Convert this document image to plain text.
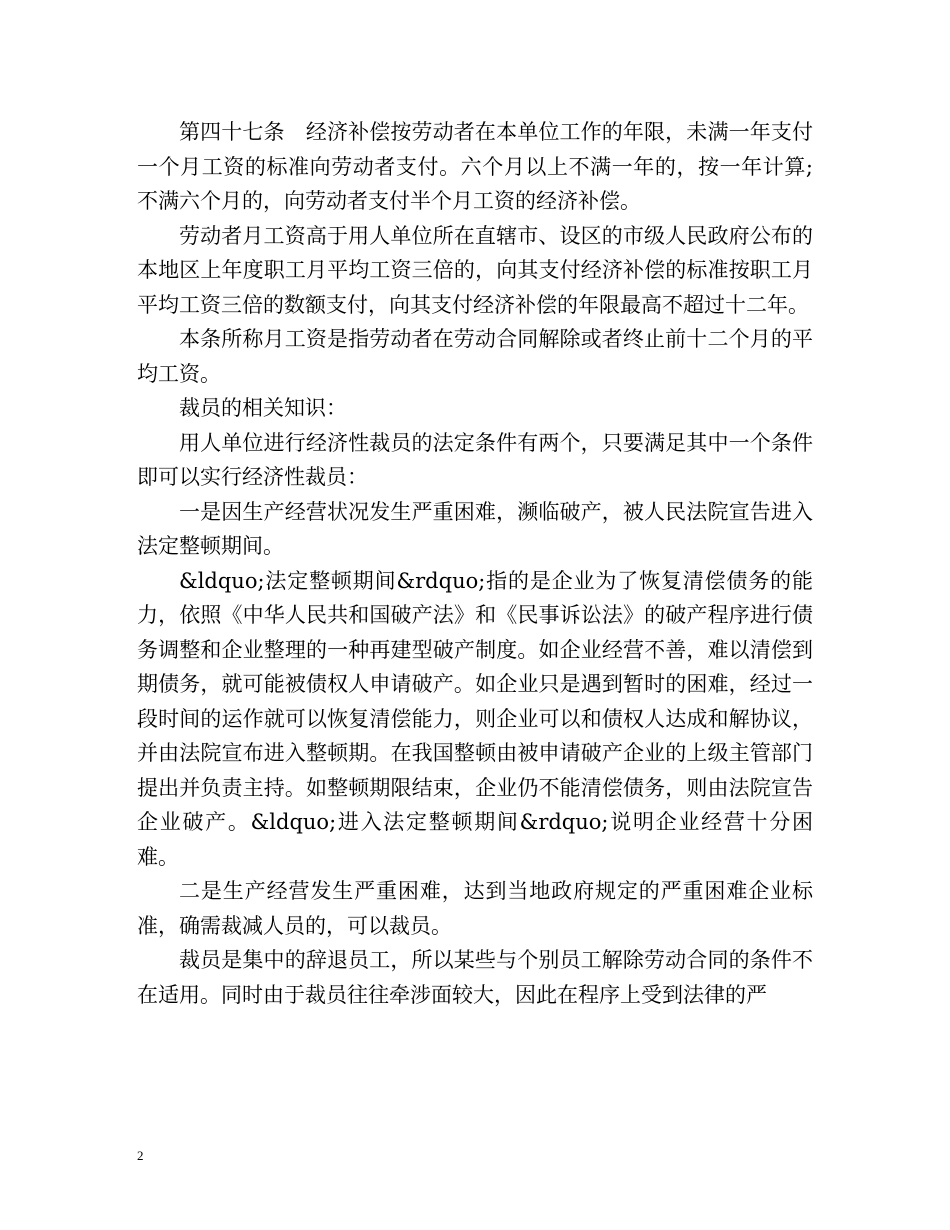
第四十七条　经济补偿按劳动者在本单位工作的年限，未满一年支付一个月工资的标准向劳动者支付。六个月以上不满一年的，按一年计算;不满六个月的，向劳动者支付半个月工资的经济补偿。

劳动者月工资高于用人单位所在直辖市、设区的市级人民政府公布的本地区上年度职工月平均工资三倍的，向其支付经济补偿的标准按职工月平均工资三倍的数额支付，向其支付经济补偿的年限最高不超过十二年。

本条所称月工资是指劳动者在劳动合同解除或者终止前十二个月的平均工资。

裁员的相关知识：

用人单位进行经济性裁员的法定条件有两个，只要满足其中一个条件即可以实行经济性裁员：

一是因生产经营状况发生严重困难，濒临破产，被人民法院宣告进入法定整顿期间。

&ldquo;法定整顿期间&rdquo;指的是企业为了恢复清偿债务的能力，依照《中华人民共和国破产法》和《民事诉讼法》的破产程序进行债务调整和企业整理的一种再建型破产制度。如企业经营不善，难以清偿到期债务，就可能被债权人申请破产。如企业只是遇到暂时的困难，经过一段时间的运作就可以恢复清偿能力，则企业可以和债权人达成和解协议，并由法院宣布进入整顿期。在我国整顿由被申请破产企业的上级主管部门提出并负责主持。如整顿期限结束，企业仍不能清偿债务，则由法院宣告企业破产。&ldquo;进入法定整顿期间&rdquo;说明企业经营十分困难。

二是生产经营发生严重困难，达到当地政府规定的严重困难企业标准，确需裁减人员的，可以裁员。

裁员是集中的辞退员工，所以某些与个别员工解除劳动合同的条件不在适用。同时由于裁员往往牵涉面较大，因此在程序上受到法律的严

2
